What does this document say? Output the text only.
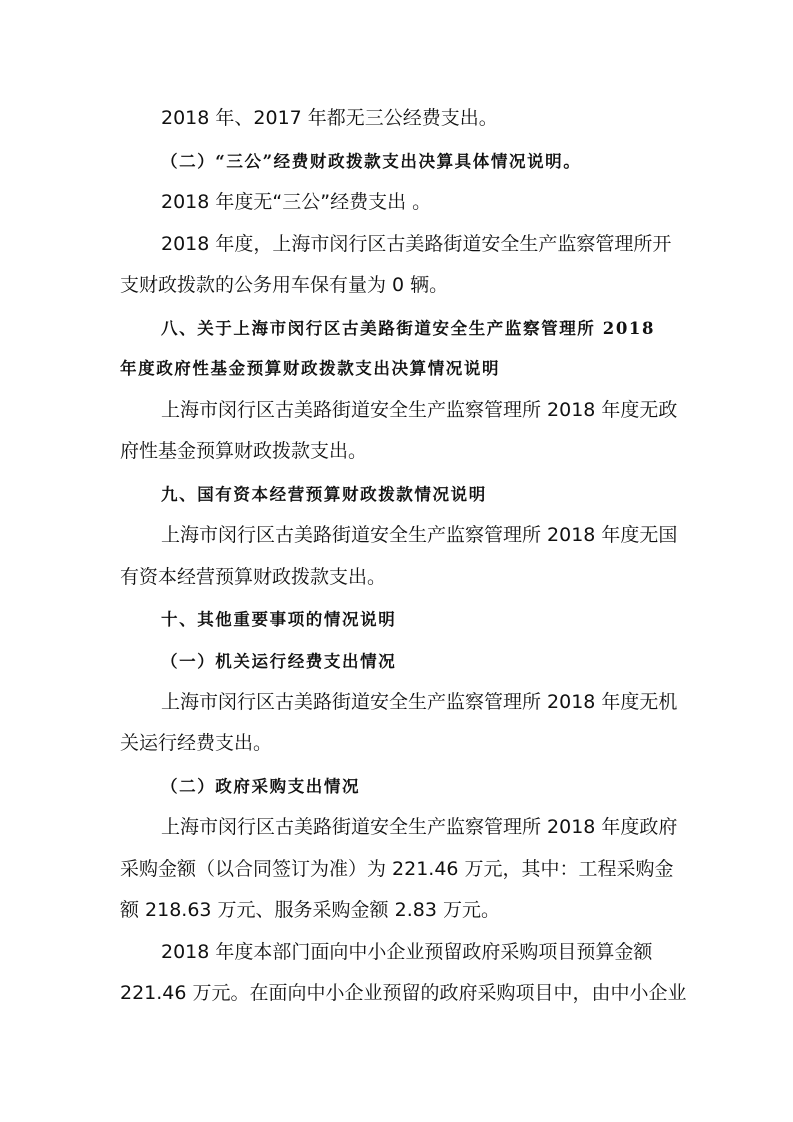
2018 年、2017 年都无三公经费支出。

（二）“三公”经费财政拨款支出决算具体情况说明。

2018 年度无“三公”经费支出 。

2018 年度，上海市闵行区古美路街道安全生产监察管理所开

支财政拨款的公务用车保有量为 0 辆。

八、关于上海市闵行区古美路街道安全生产监察管理所 2018

年度政府性基金预算财政拨款支出决算情况说明

上海市闵行区古美路街道安全生产监察管理所 2018 年度无政

府性基金预算财政拨款支出。

九、国有资本经营预算财政拨款情况说明

上海市闵行区古美路街道安全生产监察管理所 2018 年度无国

有资本经营预算财政拨款支出。

十、其他重要事项的情况说明

（一）机关运行经费支出情况

上海市闵行区古美路街道安全生产监察管理所 2018 年度无机

关运行经费支出。

（二）政府采购支出情况

上海市闵行区古美路街道安全生产监察管理所 2018 年度政府

采购金额（以合同签订为准）为 221.46 万元，其中：工程采购金

额 218.63 万元、服务采购金额 2.83 万元。

2018 年度本部门面向中小企业预留政府采购项目预算金额

221.46 万元。在面向中小企业预留的政府采购项目中，由中小企业
